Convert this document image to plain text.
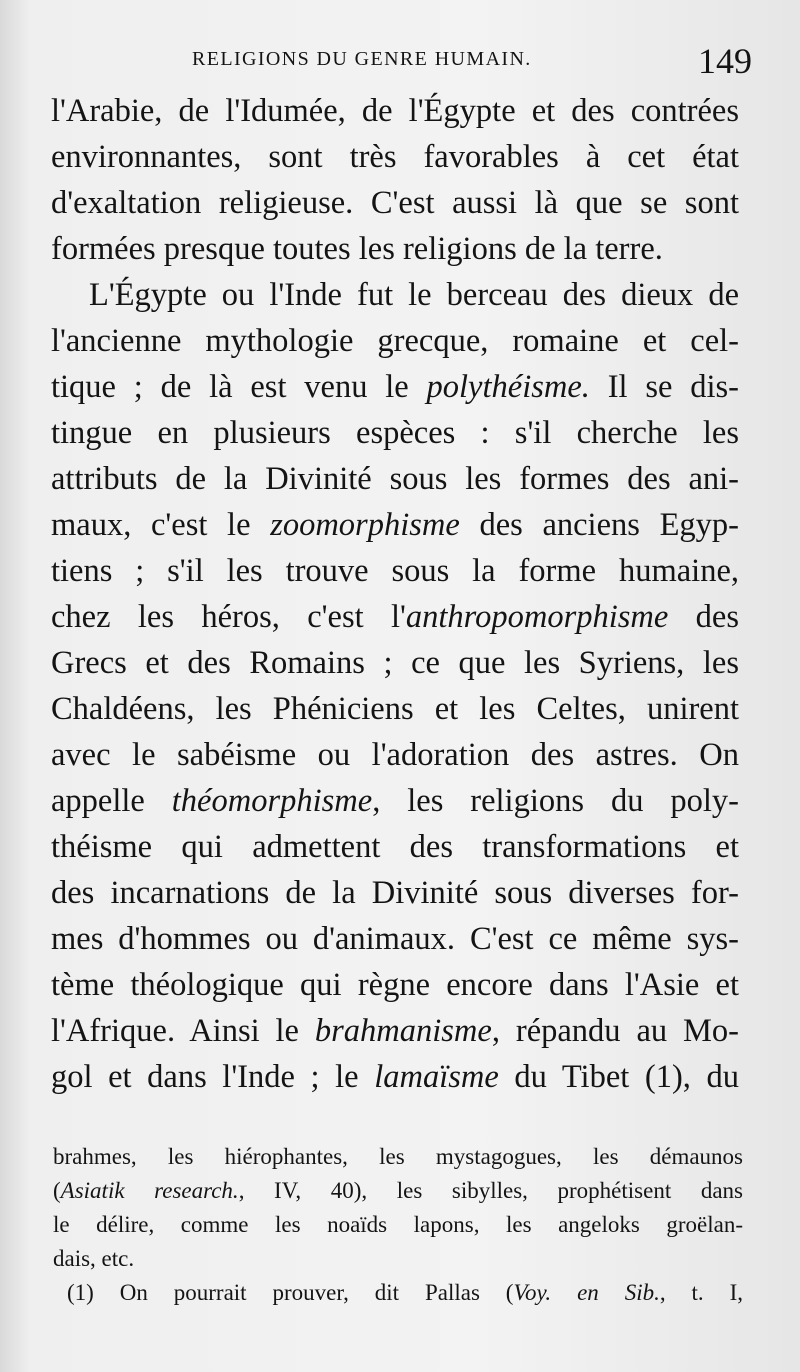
RELIGIONS DU GENRE HUMAIN.	149
l'Arabie, de l'Idumée, de l'Égypte et des contrées
environnantes, sont très favorables à cet état
d'exaltation religieuse. C'est aussi là que se sont
formées presque toutes les religions de la terre.
L'Égypte ou l'Inde fut le berceau des dieux de
l'ancienne mythologie grecque, romaine et cel-
tique ; de là est venu le polythéisme. Il se dis-
tingue en plusieurs espèces : s'il cherche les
attributs de la Divinité sous les formes des ani-
maux, c'est le zoomorphisme des anciens Egyp-
tiens ; s'il les trouve sous la forme humaine,
chez les héros, c'est l'anthropomorphisme des
Grecs et des Romains ; ce que les Syriens, les
Chaldéens, les Phéniciens et les Celtes, unirent
avec le sabéisme ou l'adoration des astres. On
appelle théomorphisme, les religions du poly-
théisme qui admettent des transformations et
des incarnations de la Divinité sous diverses for-
mes d'hommes ou d'animaux. C'est ce même sys-
tème théologique qui règne encore dans l'Asie et
l'Afrique. Ainsi le brahmanisme, répandu au Mo-
gol et dans l'Inde ; le lamaïsme du Tibet (1), du
brahmes, les hiérophantes, les mystagogues, les démaunos
(Asiatik research., IV, 40), les sibylles, prophétisent dans
le délire, comme les noaïds lapons, les angeloks groëlan-
dais, etc.
(1) On pourrait prouver, dit Pallas (Voy. en Sib., t. I,
